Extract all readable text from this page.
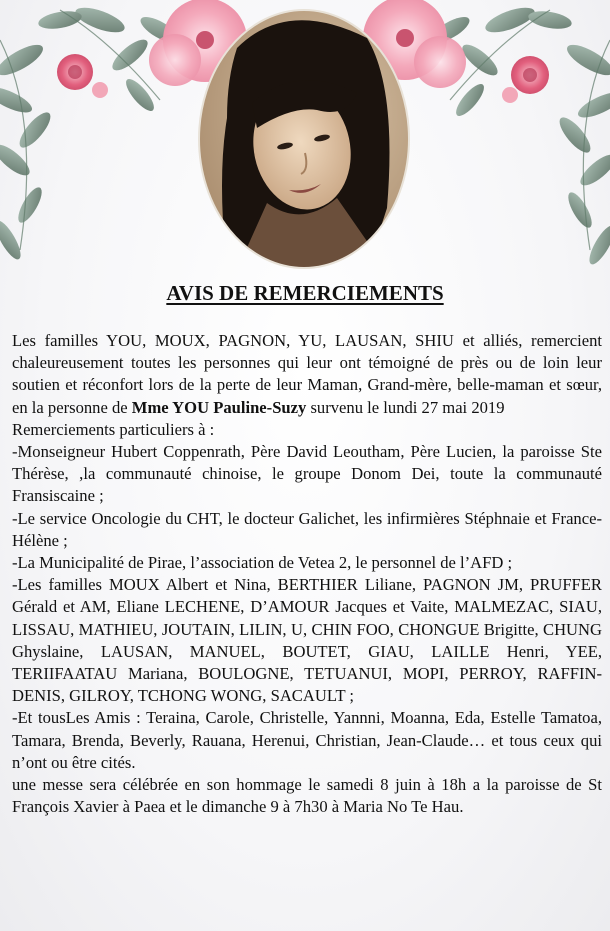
AVIS DE REMERCIEMENTS

Les familles YOU, MOUX, PAGNON, YU, LAUSAN, SHIU et alliés, remercient chaleureusement toutes les personnes qui leur ont témoigné de près ou de loin leur soutien et réconfort lors de la perte de leur Maman, Grand-mère, belle-maman et sœur, en la personne de Mme YOU Pauline-Suzy survenu le lundi 27 mai 2019

Remerciements particuliers à :

-Monseigneur Hubert Coppenrath, Père David Leoutham, Père Lucien, la paroisse Ste Thérèse, ,la communauté chinoise, le groupe Donom Dei, toute la communauté Fransiscaine ;

-Le service Oncologie du CHT, le docteur Galichet, les infirmières Stéphnaie et France-Hélène ;

-La Municipalité de Pirae, l’association de Vetea 2, le personnel de l’AFD ;

-Les familles MOUX Albert et Nina, BERTHIER Liliane, PAGNON JM, PRUFFER Gérald et AM, Eliane LECHENE, D’AMOUR Jacques et Vaite, MALMEZAC, SIAU, LISSAU, MATHIEU, JOUTAIN, LILIN, U, CHIN FOO, CHONGUE Brigitte, CHUNG Ghyslaine, LAUSAN, MANUEL, BOUTET, GIAU, LAILLE Henri, YEE, TERIIFAATAU Mariana, BOULOGNE, TETUANUI, MOPI, PERROY, RAFFIN-DENIS, GILROY, TCHONG WONG, SACAULT ;

-Et tousLes Amis : Teraina, Carole, Christelle, Yannni, Moanna, Eda, Estelle Tamatoa, Tamara, Brenda, Beverly, Rauana, Herenui, Christian, Jean-Claude… et tous ceux qui n’ont ou être cités.

une messe sera célébrée en son hommage le samedi 8 juin à 18h a la paroisse de St François Xavier à Paea et le dimanche 9 à 7h30 à Maria No Te Hau.
